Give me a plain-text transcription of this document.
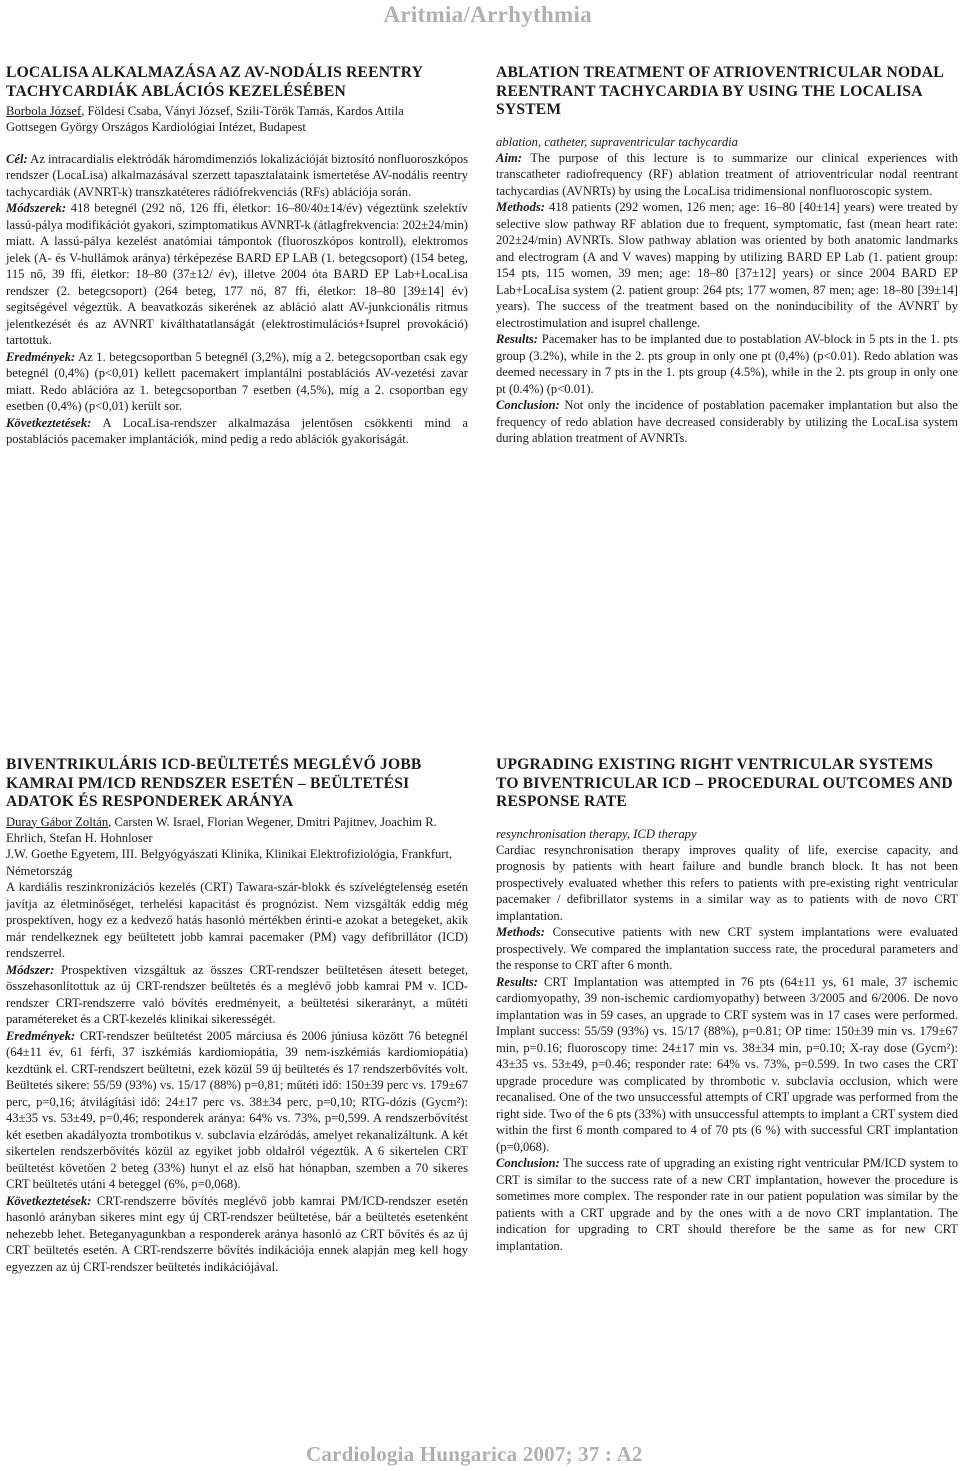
Aritmia/Arrhythmia
LOCALISA ALKALMAZÁSA AZ AV-NODÁLIS REENTRY TACHYCARDIÁK ABLÁCIÓS KEZELÉSÉBEN
Borbola József, Földesi Csaba, Ványi József, Szili-Török Tamás, Kardos Attila
Gottsegen György Országos Kardiológiai Intézet, Budapest

Cél: Az intracardialis elektródák háromdimenziós lokalizációját biztosító nonfluoroszkópos rendszer (LocaLisa) alkalmazásával szerzett tapasztalataink ismertetése AV-nodális reentry tachycardiák (AVNRT-k) transzkatéteres rádiófrekvenciás (RFs) ablációja során.

Módszerek: 418 betegnél (292 nő, 126 ffi, életkor: 16–80/40±14/év) végeztünk szelektív lassú-pálya modifikációt gyakori, szimptomatikus AVNRT-k (átlagfrekvencia: 202±24/min) miatt. A lassú-pálya kezelést anatómiai támpontok (fluoroszkópos kontroll), elektromos jelek (A- és V-hullámok aránya) térképezése BARD EP LAB (1. betegcsoport) (154 beteg, 115 nő, 39 ffi, életkor: 18–80 (37±12/ év), illetve 2004 óta BARD EP Lab+LocaLisa rendszer (2. betegcsoport) (264 beteg, 177 nő, 87 ffi, életkor: 18–80 [39±14] év) segítségével végeztük. A beavatkozás sikerének az abláció alatt AV-junkcionális ritmus jelentkezését és az AVNRT kiválthatatlanságát (elektrostimulációs+Isuprel provokáció) tartottuk.

Eredmények: Az 1. betegcsoportban 5 betegnél (3,2%), míg a 2. betegcsoportban csak egy betegnél (0,4%) (p<0,01) kellett pacemakert implantálni postablációs AV-vezetési zavar miatt. Redo ablációra az 1. betegcsoportban 7 esetben (4,5%), míg a 2. csoportban egy esetben (0,4%) (p<0,01) került sor.

Következtetések: A LocaLisa-rendszer alkalmazása jelentősen csökkenti mind a postablációs pacemaker implantációk, mind pedig a redo ablációk gyakoriságát.

ABLATION TREATMENT OF ATRIOVENTRICULAR NODAL REENTRANT TACHYCARDIA BY USING THE LOCALISA SYSTEM
ablation, catheter, supraventricular tachycardia

Aim: The purpose of this lecture is to summarize our clinical experiences with transcatheter radiofrequency (RF) ablation treatment of atrioventricular nodal reentrant tachycardias (AVNRTs) by using the LocaLisa tridimensional nonfluoroscopic system.

Methods: 418 patients (292 women, 126 men; age: 16–80 [40±14] years) were treated by selective slow pathway RF ablation due to frequent, symptomatic, fast (mean heart rate: 202±24/min) AVNRTs. Slow pathway ablation was oriented by both anatomic landmarks and electrogram (A and V waves) mapping by utilizing BARD EP Lab (1. patient group: 154 pts, 115 women, 39 men; age: 18–80 [37±12] years) or since 2004 BARD EP Lab+LocaLisa system (2. patient group: 264 pts; 177 women, 87 men; age: 18–80 [39±14] years). The success of the treatment based on the noninducibility of the AVNRT by electrostimulation and isuprel challenge.

Results: Pacemaker has to be implanted due to postablation AV-block in 5 pts in the 1. pts group (3.2%), while in the 2. pts group in only one pt (0,4%) (p<0.01). Redo ablation was deemed necessary in 7 pts in the 1. pts group (4.5%), while in the 2. pts group in only one pt (0.4%) (p<0.01).

Conclusion: Not only the incidence of postablation pacemaker implantation but also the frequency of redo ablation have decreased considerably by utilizing the LocaLisa system during ablation treatment of AVNRTs.

BIVENTRIKULÁRIS ICD-BEÜLTETÉS MEGLÉVŐ JOBB KAMRAI PM/ICD RENDSZER ESETÉN – BEÜLTETÉSI ADATOK ÉS RESPONDEREK ARÁNYA
Duray Gábor Zoltán, Carsten W. Israel, Florian Wegener, Dmitri Pajitnev, Joachim R. Ehrlich, Stefan H. Hohnloser
J.W. Goethe Egyetem, III. Belgyógyászati Klinika, Klinikai Elektrofiziológia, Frankfurt, Németország

A kardiális reszinkronizációs kezelés (CRT) Tawara-szár-blokk és szívelégtelenség esetén javítja az életminőséget, terhelési kapacitást és prognózist. Nem vizsgálták eddig még prospektíven, hogy ez a kedvező hatás hasonló mértékben érinti-e azokat a betegeket, akik már rendelkeznek egy beültetett jobb kamrai pacemaker (PM) vagy defibrillátor (ICD) rendszerrel.

Módszer: Prospektíven vizsgáltuk az összes CRT-rendszer beültetésen átesett beteget, összehasonlítottuk az új CRT-rendszer beültetés és a meglévő jobb kamrai PM v. ICD-rendszer CRT-rendszerre való bővítés eredményeit, a beültetési sikerarányt, a műtéti paramétereket és a CRT-kezelés klinikai sikerességét.

Eredmények: CRT-rendszer beültetést 2005 márciusa és 2006 júniusa között 76 betegnél (64±11 év, 61 férfi, 37 iszkémiás kardiomiopátia, 39 nem-iszkémiás kardiomiopátia) kezdtünk el. CRT-rendszert beültetni, ezek közül 59 új beültetés és 17 rendszerbővítés volt. Beültetés sikere: 55/59 (93%) vs. 15/17 (88%) p=0,81; műtéti idő: 150±39 perc vs. 179±67 perc, p=0,16; átvilágítási idő: 24±17 perc vs. 38±34 perc, p=0,10; RTG-dózis (Gycm²): 43±35 vs. 53±49, p=0,46; responderek aránya: 64% vs. 73%, p=0,599. A rendszerbővítést két esetben akadályozta trombotikus v. subclavia elzáródás, amelyet rekanalizáltunk. A két sikertelen rendszerbővítés közül az egyiket jobb oldalról végeztük. A 6 sikertelen CRT beültetést követően 2 beteg (33%) hunyt el az első hat hónapban, szemben a 70 sikeres CRT beültetés utáni 4 beteggel (6%, p=0,068).

Következtetések: CRT-rendszerre bővítés meglévő jobb kamrai PM/ICD-rendszer esetén hasonló arányban sikeres mint egy új CRT-rendszer beültetése, bár a beültetés esetenként nehezebb lehet. Beteganyagunkban a responderek aránya hasonló az CRT bővítés és az új CRT beültetés esetén. A CRT-rendszerre bővítés indikációja ennek alapján meg kell hogy egyezzen az új CRT-rendszer beültetés indikációjával.

UPGRADING EXISTING RIGHT VENTRICULAR SYSTEMS TO BIVENTRICULAR ICD – PROCEDURAL OUTCOMES AND RESPONSE RATE
resynchronisation therapy, ICD therapy

Cardiac resynchronisation therapy improves quality of life, exercise capacity, and prognosis by patients with heart failure and bundle branch block. It has not been prospectively evaluated whether this refers to patients with pre-existing right ventricular pacemaker / defibrillator systems in a similar way as to patients with de novo CRT implantation.

Methods: Consecutive patients with new CRT system implantations were evaluated prospectively. We compared the implantation success rate, the procedural parameters and the response to CRT after 6 month.

Results: CRT Implantation was attempted in 76 pts (64±11 ys, 61 male, 37 ischemic cardiomyopathy, 39 non-ischemic cardiomyopathy) between 3/2005 and 6/2006. De novo implantation was in 59 cases, an upgrade to CRT system was in 17 cases were performed. Implant success: 55/59 (93%) vs. 15/17 (88%), p=0.81; OP time: 150±39 min vs. 179±67 min, p=0.16; fluoroscopy time: 24±17 min vs. 38±34 min, p=0.10; X-ray dose (Gycm²): 43±35 vs. 53±49, p=0.46; responder rate: 64% vs. 73%, p=0.599. In two cases the CRT upgrade procedure was complicated by thrombotic v. subclavia occlusion, which were recanalised. One of the two unsuccessful attempts of CRT upgrade was performed from the right side. Two of the 6 pts (33%) with unsuccessful attempts to implant a CRT system died within the first 6 month compared to 4 of 70 pts (6 %) with successful CRT implantation (p=0,068).

Conclusion: The success rate of upgrading an existing right ventricular PM/ICD system to CRT is similar to the success rate of a new CRT implantation, however the procedure is sometimes more complex. The responder rate in our patient population was similar by the patients with a CRT upgrade and by the ones with a de novo CRT implantation. The indication for upgrading to CRT should therefore be the same as for new CRT implantation.

Cardiologia Hungarica 2007; 37 : A2
